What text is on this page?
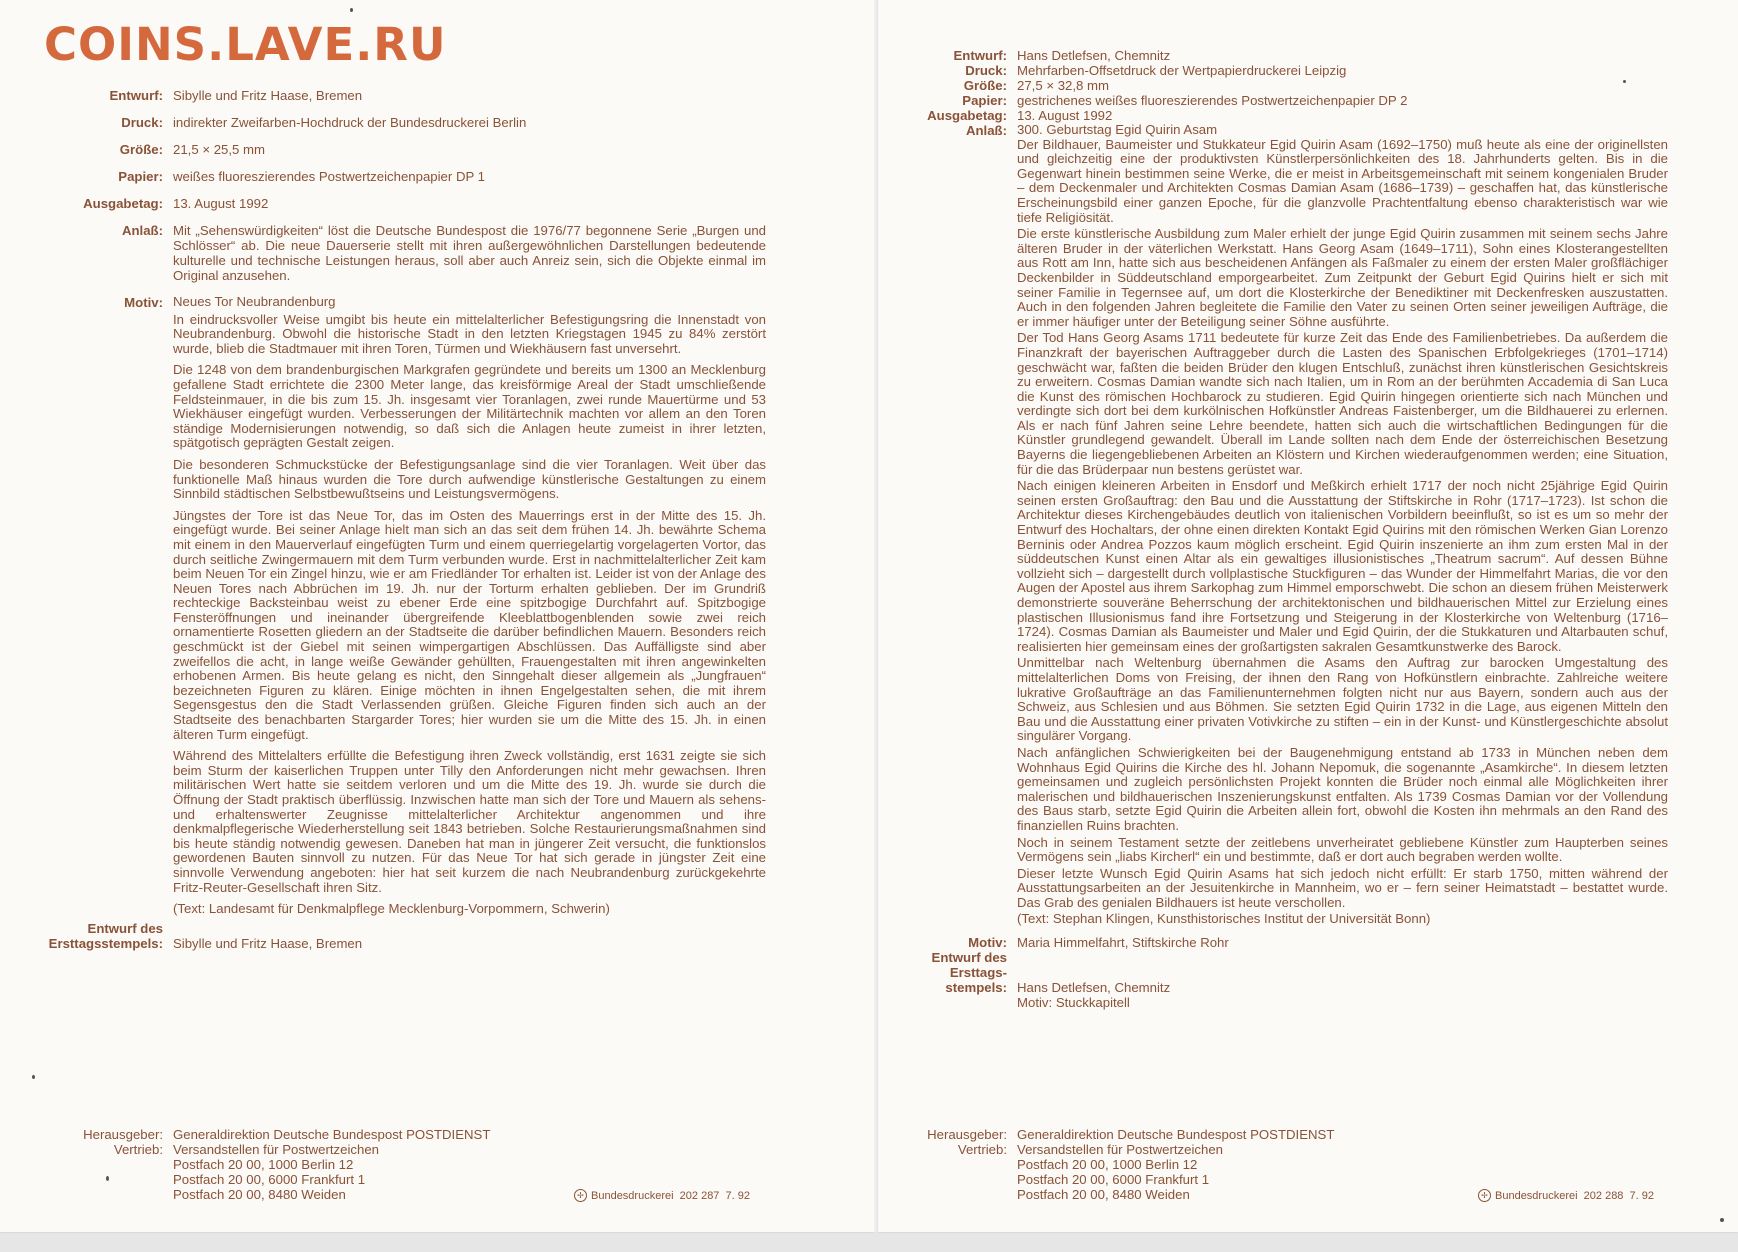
COINS.LAVE.RU
Entwurf: Sibylle und Fritz Haase, Bremen
Druck: indirekter Zweifarben-Hochdruck der Bundesdruckerei Berlin
Größe: 21,5 × 25,5 mm
Papier: weißes fluoreszierendes Postwertzeichenpapier DP 1
Ausgabetag: 13. August 1992
Anlaß: Mit „Sehenswürdigkeiten“ löst die Deutsche Bundespost die 1976/77 begonnene Serie „Burgen und Schlösser“ ab. Die neue Dauerserie stellt mit ihren außergewöhnlichen Darstellungen bedeutende kulturelle und technische Leistungen heraus, soll aber auch Anreiz sein, sich die Objekte einmal im Original anzusehen.
Motiv: Neues Tor Neubrandenburg

In eindrucksvoller Weise umgibt bis heute ein mittelalterlicher Befestigungsring die Innenstadt von Neubrandenburg. Obwohl die historische Stadt in den letzten Kriegstagen 1945 zu 84% zerstört wurde, blieb die Stadtmauer mit ihren Toren, Türmen und Wiekhäusern fast unversehrt.

Die 1248 von dem brandenburgischen Markgrafen gegründete und bereits um 1300 an Mecklenburg gefallene Stadt errichtete die 2300 Meter lange, das kreisförmige Areal der Stadt umschließende Feldsteinmauer, in die bis zum 15. Jh. insgesamt vier Toranlagen, zwei runde Mauertürme und 53 Wiekhäuser eingefügt wurden. Verbesserungen der Militärtechnik machten vor allem an den Toren ständige Modernisierungen notwendig, so daß sich die Anlagen heute zumeist in ihrer letzten, spätgotisch geprägten Gestalt zeigen.

Die besonderen Schmuckstücke der Befestigungsanlage sind die vier Toranlagen. Weit über das funktionelle Maß hinaus wurden die Tore durch aufwendige künstlerische Gestaltungen zu einem Sinnbild städtischen Selbstbewußtseins und Leistungsvermögens.

Jüngstes der Tore ist das Neue Tor, das im Osten des Mauerrings erst in der Mitte des 15. Jh. eingefügt wurde. Bei seiner Anlage hielt man sich an das seit dem frühen 14. Jh. bewährte Schema mit einem in den Mauerverlauf eingefügten Turm und einem querriegelartig vorgelagerten Vortor, das durch seitliche Zwingermauern mit dem Turm verbunden wurde. Erst in nachmittelalterlicher Zeit kam beim Neuen Tor ein Zingel hinzu, wie er am Friedländer Tor erhalten ist. Leider ist von der Anlage des Neuen Tores nach Abbrüchen im 19. Jh. nur der Torturm erhalten geblieben. Der im Grundriß rechteckige Backsteinbau weist zu ebener Erde eine spitzbogige Durchfahrt auf. Spitzbogige Fensteröffnungen und ineinander übergreifende Kleeblattbogenblenden sowie zwei reich ornamentierte Rosetten gliedern an der Stadtseite die darüber befindlichen Mauern. Besonders reich geschmückt ist der Giebel mit seinen wimpergartigen Abschlüssen. Das Auffälligste sind aber zweifellos die acht, in lange weiße Gewänder gehüllten, Frauengestalten mit ihren angewinkelten erhobenen Armen. Bis heute gelang es nicht, den Sinngehalt dieser allgemein als „Jungfrauen“ bezeichneten Figuren zu klären. Einige möchten in ihnen Engelgestalten sehen, die mit ihrem Segensgestus den die Stadt Verlassenden grüßen. Gleiche Figuren finden sich auch an der Stadtseite des benachbarten Stargarder Tores; hier wurden sie um die Mitte des 15. Jh. in einen älteren Turm eingefügt.

Während des Mittelalters erfüllte die Befestigung ihren Zweck vollständig, erst 1631 zeigte sie sich beim Sturm der kaiserlichen Truppen unter Tilly den Anforderungen nicht mehr gewachsen. Ihren militärischen Wert hatte sie seitdem verloren und um die Mitte des 19. Jh. wurde sie durch die Öffnung der Stadt praktisch überflüssig. Inzwischen hatte man sich der Tore und Mauern als sehens- und erhaltenswerter Zeugnisse mittelalterlicher Architektur angenommen und ihre denkmalpflegerische Wiederherstellung seit 1843 betrieben. Solche Restaurierungsmaßnahmen sind bis heute ständig notwendig gewesen. Daneben hat man in jüngerer Zeit versucht, die funktionslos gewordenen Bauten sinnvoll zu nutzen. Für das Neue Tor hat sich gerade in jüngster Zeit eine sinnvolle Verwendung angeboten: hier hat seit kurzem die nach Neubrandenburg zurückgekehrte Fritz-Reuter-Gesellschaft ihren Sitz.

(Text: Landesamt für Denkmalpflege Mecklenburg-Vorpommern, Schwerin)

Entwurf des
Ersttagsstempels: Sibylle und Fritz Haase, Bremen
Herausgeber: Generaldirektion Deutsche Bundespost POSTDIENST
Vertrieb: Versandstellen für Postwertzeichen
Postfach 20 00, 1000 Berlin 12
Postfach 20 00, 6000 Frankfurt 1
Postfach 20 00, 8480 Weiden	✢ Bundesdruckerei  202 287  7. 92
Entwurf: Hans Detlefsen, Chemnitz
Druck: Mehrfarben-Offsetdruck der Wertpapierdruckerei Leipzig
Größe: 27,5 × 32,8 mm
Papier: gestrichenes weißes fluoreszierendes Postwertzeichenpapier DP 2
Ausgabetag: 13. August 1992
Anlaß: 300. Geburtstag Egid Quirin Asam

Der Bildhauer, Baumeister und Stukkateur Egid Quirin Asam (1692–1750) muß heute als eine der originellsten und gleichzeitig eine der produktivsten Künstlerpersönlichkeiten des 18. Jahrhunderts gelten. Bis in die Gegenwart hinein bestimmen seine Werke, die er meist in Arbeitsgemeinschaft mit seinem kongenialen Bruder – dem Deckenmaler und Architekten Cosmas Damian Asam (1686–1739) – geschaffen hat, das künstlerische Erscheinungsbild einer ganzen Epoche, für die glanzvolle Prachtentfaltung ebenso charakteristisch war wie tiefe Religiösität.

Die erste künstlerische Ausbildung zum Maler erhielt der junge Egid Quirin zusammen mit seinem sechs Jahre älteren Bruder in der väterlichen Werkstatt. Hans Georg Asam (1649–1711), Sohn eines Klosterangestellten aus Rott am Inn, hatte sich aus bescheidenen Anfängen als Faßmaler zu einem der ersten Maler großflächiger Deckenbilder in Süddeutschland emporgearbeitet. Zum Zeitpunkt der Geburt Egid Quirins hielt er sich mit seiner Familie in Tegernsee auf, um dort die Klosterkirche der Benediktiner mit Deckenfresken auszustatten. Auch in den folgenden Jahren begleitete die Familie den Vater zu seinen Orten seiner jeweiligen Aufträge, die er immer häufiger unter der Beteiligung seiner Söhne ausführte.

Der Tod Hans Georg Asams 1711 bedeutete für kurze Zeit das Ende des Familienbetriebes. Da außerdem die Finanzkraft der bayerischen Auftraggeber durch die Lasten des Spanischen Erbfolgekrieges (1701–1714) geschwächt war, faßten die beiden Brüder den klugen Entschluß, zunächst ihren künstlerischen Gesichtskreis zu erweitern. Cosmas Damian wandte sich nach Italien, um in Rom an der berühmten Accademia di San Luca die Kunst des römischen Hochbarock zu studieren. Egid Quirin hingegen orientierte sich nach München und verdingte sich dort bei dem kurkölnischen Hofkünstler Andreas Faistenberger, um die Bildhauerei zu erlernen. Als er nach fünf Jahren seine Lehre beendete, hatten sich auch die wirtschaftlichen Bedingungen für die Künstler grundlegend gewandelt. Überall im Lande sollten nach dem Ende der österreichischen Besetzung Bayerns die liegengebliebenen Arbeiten an Klöstern und Kirchen wiederaufgenommen werden; eine Situation, für die das Brüderpaar nun bestens gerüstet war.

Nach einigen kleineren Arbeiten in Ensdorf und Meßkirch erhielt 1717 der noch nicht 25jährige Egid Quirin seinen ersten Großauftrag: den Bau und die Ausstattung der Stiftskirche in Rohr (1717–1723). Ist schon die Architektur dieses Kirchengebäudes deutlich von italienischen Vorbildern beeinflußt, so ist es um so mehr der Entwurf des Hochaltars, der ohne einen direkten Kontakt Egid Quirins mit den römischen Werken Gian Lorenzo Berninis oder Andrea Pozzos kaum möglich erscheint. Egid Quirin inszenierte an ihm zum ersten Mal in der süddeutschen Kunst einen Altar als ein gewaltiges illusionistisches „Theatrum sacrum“. Auf dessen Bühne vollzieht sich – dargestellt durch vollplastische Stuckfiguren – das Wunder der Himmelfahrt Marias, die vor den Augen der Apostel aus ihrem Sarkophag zum Himmel emporschwebt. Die schon an diesem frühen Meisterwerk demonstrierte souveräne Beherrschung der architektonischen und bildhauerischen Mittel zur Erzielung eines plastischen Illusionismus fand ihre Fortsetzung und Steigerung in der Klosterkirche von Weltenburg (1716–1724). Cosmas Damian als Baumeister und Maler und Egid Quirin, der die Stukkaturen und Altarbauten schuf, realisierten hier gemeinsam eines der großartigsten sakralen Gesamtkunstwerke des Barock.

Unmittelbar nach Weltenburg übernahmen die Asams den Auftrag zur barocken Umgestaltung des mittelalterlichen Doms von Freising, der ihnen den Rang von Hofkünstlern einbrachte. Zahlreiche weitere lukrative Großaufträge an das Familienunternehmen folgten nicht nur aus Bayern, sondern auch aus der Schweiz, aus Schlesien und aus Böhmen. Sie setzten Egid Quirin 1732 in die Lage, aus eigenen Mitteln den Bau und die Ausstattung einer privaten Votivkirche zu stiften – ein in der Kunst- und Künstlergeschichte absolut singulärer Vorgang.

Nach anfänglichen Schwierigkeiten bei der Baugenehmigung entstand ab 1733 in München neben dem Wohnhaus Egid Quirins die Kirche des hl. Johann Nepomuk, die sogenannte „Asamkirche“. In diesem letzten gemeinsamen und zugleich persönlichsten Projekt konnten die Brüder noch einmal alle Möglichkeiten ihrer malerischen und bildhauerischen Inszenierungskunst entfalten. Als 1739 Cosmas Damian vor der Vollendung des Baus starb, setzte Egid Quirin die Arbeiten allein fort, obwohl die Kosten ihn mehrmals an den Rand des finanziellen Ruins brachten.

Noch in seinem Testament setzte der zeitlebens unverheiratet gebliebene Künstler zum Haupterben seines Vermögens sein „liabs Kircherl“ ein und bestimmte, daß er dort auch begraben werden wollte.

Dieser letzte Wunsch Egid Quirin Asams hat sich jedoch nicht erfüllt: Er starb 1750, mitten während der Ausstattungsarbeiten an der Jesuitenkirche in Mannheim, wo er – fern seiner Heimatstadt – bestattet wurde. Das Grab des genialen Bildhauers ist heute verschollen.

(Text: Stephan Klingen, Kunsthistorisches Institut der Universität Bonn)

Motiv: Maria Himmelfahrt, Stiftskirche Rohr
Entwurf des
Ersttags-
stempels: Hans Detlefsen, Chemnitz
Motiv: Stuckkapitell
Herausgeber: Generaldirektion Deutsche Bundespost POSTDIENST
Vertrieb: Versandstellen für Postwertzeichen
Postfach 20 00, 1000 Berlin 12
Postfach 20 00, 6000 Frankfurt 1
Postfach 20 00, 8480 Weiden	✢ Bundesdruckerei  202 288  7. 92
